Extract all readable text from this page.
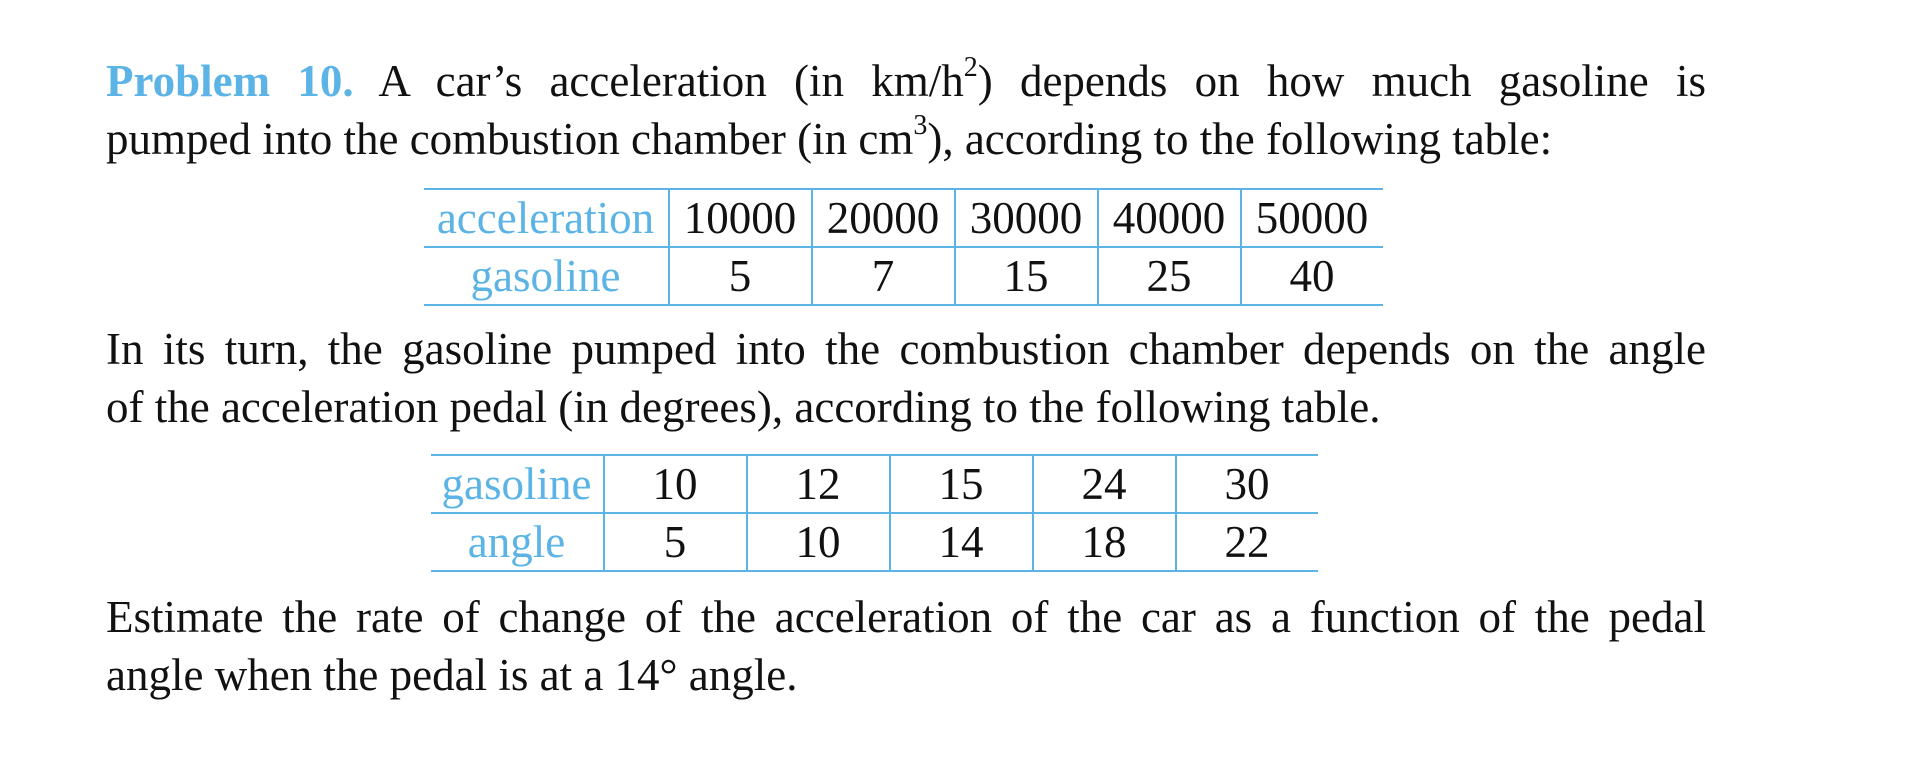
Problem 10. A car’s acceleration (in $km/h^2$) depends on how much gasoline is
pumped into the combustion chamber (in $cm^3$), according to the following table:

acceleration	10000	20000	30000	40000	50000
gasoline	5	7	15	25	40

In its turn, the gasoline pumped into the combustion chamber depends on the angle
of the acceleration pedal (in degrees), according to the following table.

gasoline	10	12	15	24	30
angle	5	10	14	18	22

Estimate the rate of change of the acceleration of the car as a function of the pedal
angle when the pedal is at a 14° angle.
